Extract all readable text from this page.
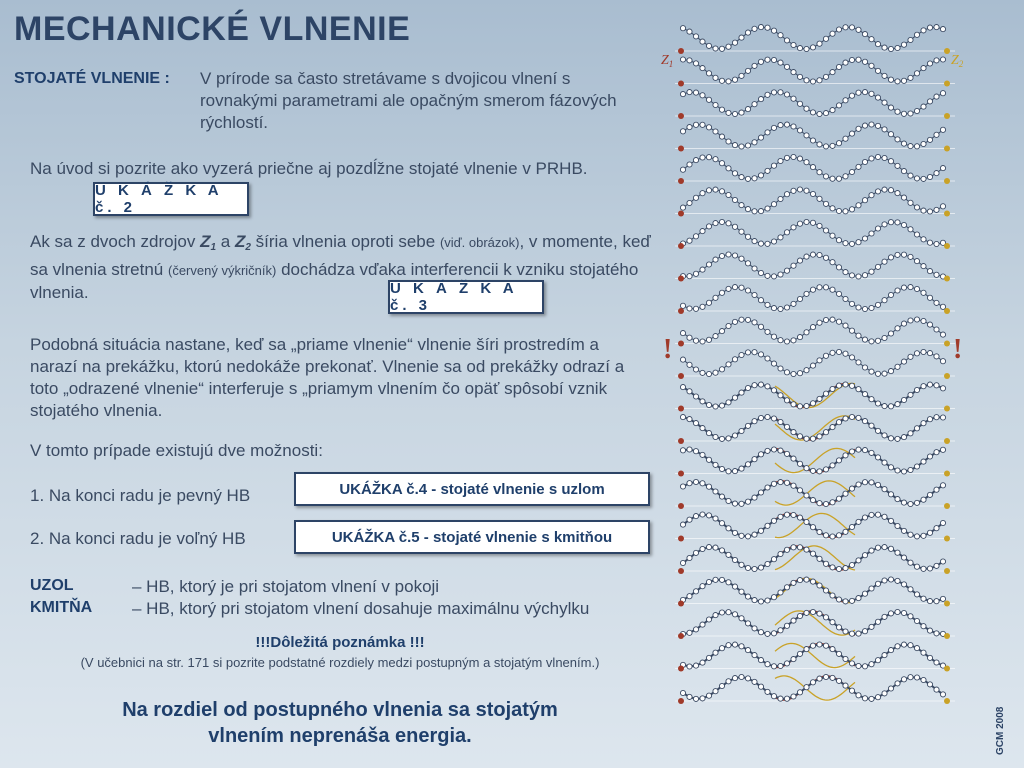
MECHANICKÉ VLNENIE
STOJATÉ VLNENIE : V prírode sa často stretávame s dvojicou vlnení s rovnakými parametrami ale opačným smerom fázových rýchlostí.
Na úvod si pozrite ako vyzerá priečne aj pozdĺžne stojaté vlnenie v PRHB.
U K Á Ž K A č. 2
Ak sa z dvoch zdrojov $Z_1$ a $Z_2$ šíria vlnenia oproti sebe (viď. obrázok), v momente, keď sa vlnenia stretnú (červený výkričník) dochádza vďaka interferencii k vzniku stojatého vlnenia.	U K Á Ž K A č. 3
Podobná situácia nastane, keď sa „priame vlnenie“ vlnenie šíri prostredím a narazí na prekážku, ktorú nedokáže prekonať. Vlnenie sa od prekážky odrazí a toto „odrazené vlnenie“ interferuje s „priamym vlnením čo opäť spôsobí vznik stojatého vlnenia.
V tomto prípade existujú dve možnosti:
1. Na konci radu je pevný HB	UKÁŽKA č.4 - stojaté vlnenie s uzlom
2. Na konci radu je voľný HB	UKÁŽKA č.5 - stojaté vlnenie s kmitňou
UZOL	– HB, ktorý je pri stojatom vlnení v pokoji
KMITŇA – HB, ktorý pri stojatom vlnení dosahuje maximálnu výchylku
!!!Dôležitá poznámka !!!
(V učebnici na str. 171 si pozrite podstatné rozdiely medzi postupným a stojatým vlnením.)
Na rozdiel od postupného vlnenia sa stojatým vlnením neprenáša energia.	GCM 2008
$Z_1$	$Z_2$
!	!
